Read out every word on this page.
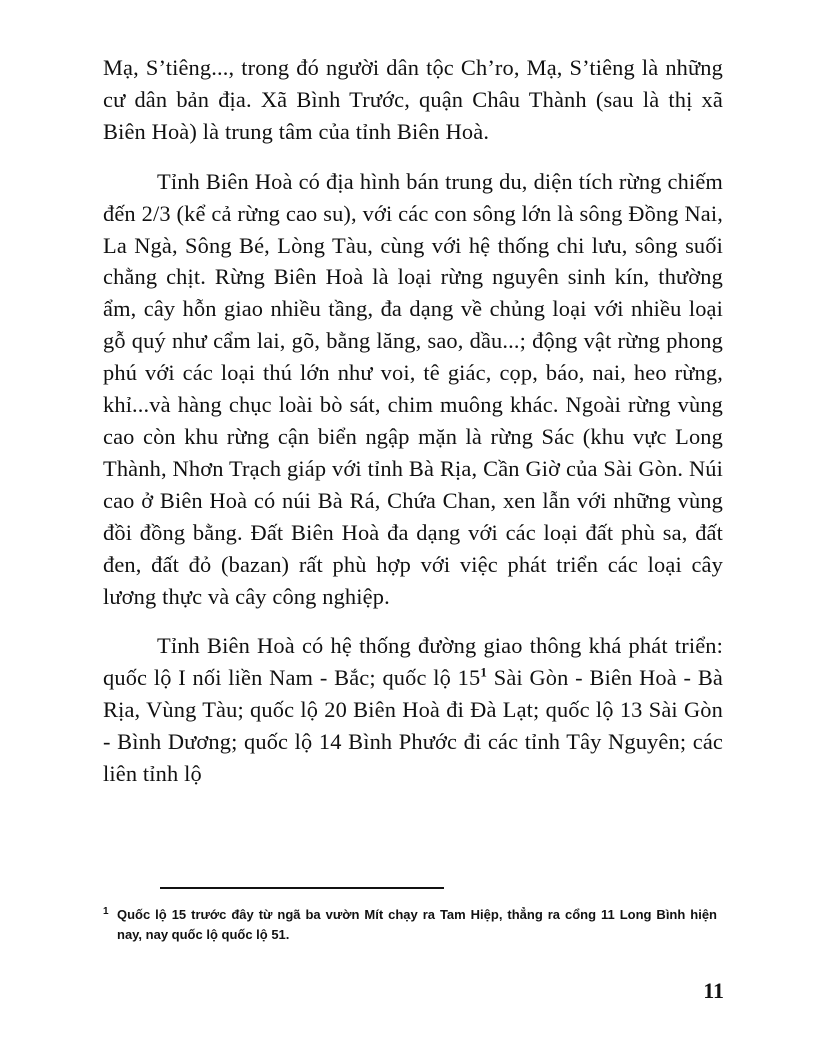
Mạ, S’tiêng..., trong đó người dân tộc Ch’ro, Mạ, S’tiêng là những cư dân bản địa. Xã Bình Trước, quận Châu Thành (sau là thị xã Biên Hoà) là trung tâm của tỉnh Biên Hoà.

Tỉnh Biên Hoà có địa hình bán trung du, diện tích rừng chiếm đến 2/3 (kể cả rừng cao su), với các con sông lớn là sông Đồng Nai, La Ngà, Sông Bé, Lòng Tàu, cùng với hệ thống chi lưu, sông suối chằng chịt. Rừng Biên Hoà là loại rừng nguyên sinh kín, thường ẩm, cây hỗn giao nhiều tầng, đa dạng về chủng loại với nhiều loại gỗ quý như cẩm lai, gõ, bằng lăng, sao, dầu...; động vật rừng phong phú với các loại thú lớn như voi, tê giác, cọp, báo, nai, heo rừng, khỉ...và hàng chục loài bò sát, chim muông khác. Ngoài rừng vùng cao còn khu rừng cận biển ngập mặn là rừng Sác (khu vực Long Thành, Nhơn Trạch giáp với tỉnh Bà Rịa, Cần Giờ của Sài Gòn. Núi cao ở Biên Hoà có núi Bà Rá, Chứa Chan, xen lẫn với những vùng đồi đồng bằng. Đất Biên Hoà đa dạng với các loại đất phù sa, đất đen, đất đỏ (bazan) rất phù hợp với việc phát triển các loại cây lương thực và cây công nghiệp.

Tỉnh Biên Hoà có hệ thống đường giao thông khá phát triển: quốc lộ I nối liền Nam - Bắc; quốc lộ 15$^1$ Sài Gòn - Biên Hoà - Bà Rịa, Vùng Tàu; quốc lộ 20 Biên Hoà đi Đà Lạt; quốc lộ 13 Sài Gòn - Bình Dương; quốc lộ 14 Bình Phước đi các tỉnh Tây Nguyên; các liên tỉnh lộ

1 Quốc lộ 15 trước đây từ ngã ba vườn Mít chạy ra Tam Hiệp, thẳng ra cổng 11 Long Bình hiện nay, nay quốc lộ quốc lộ 51.
11
